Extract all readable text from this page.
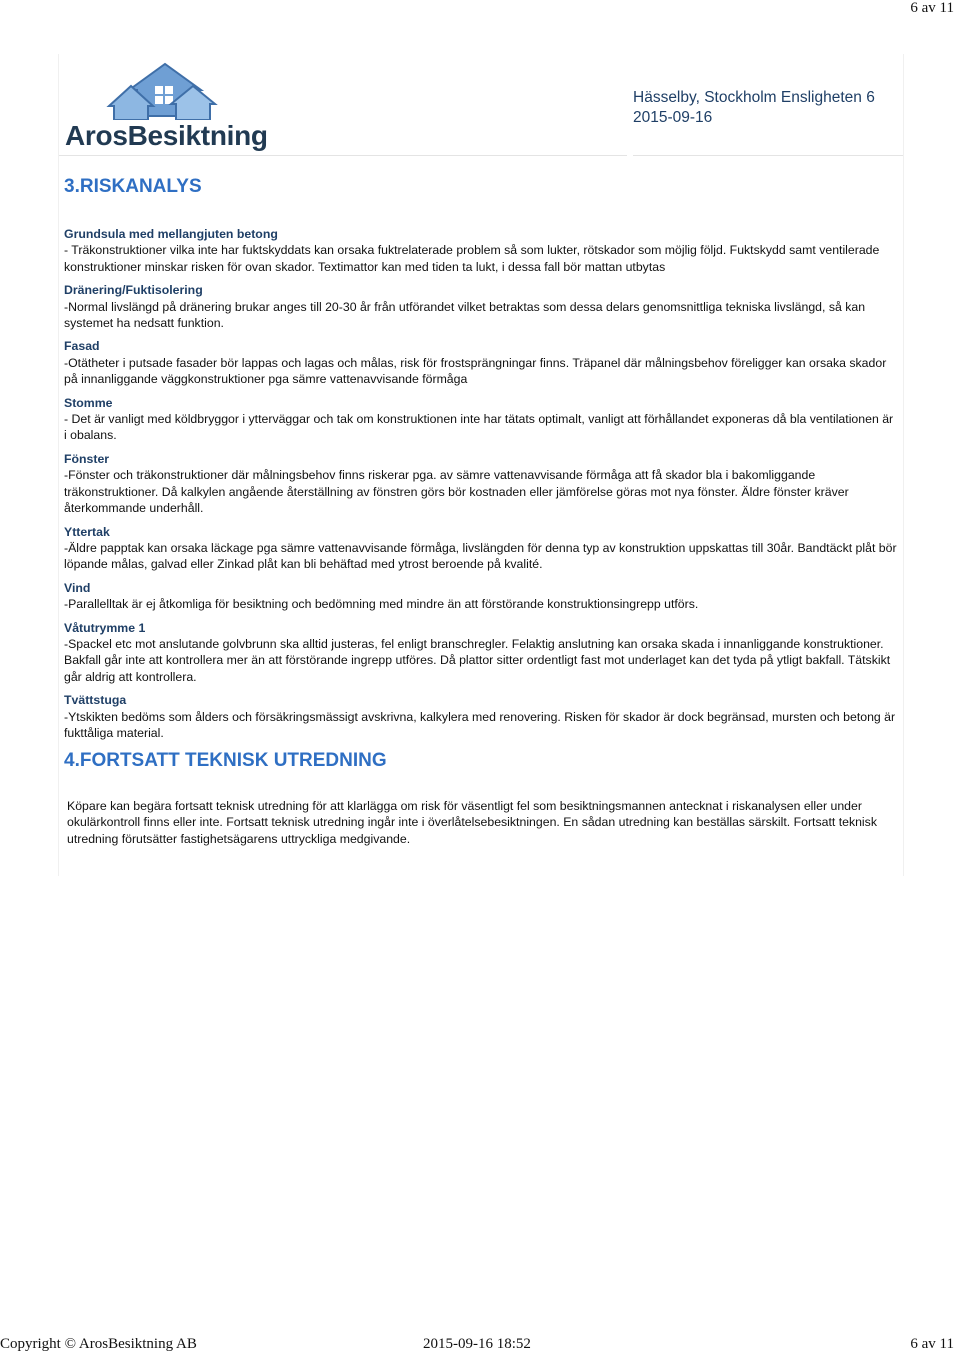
6 av 11
ArosBesiktning
Hässelby, Stockholm Ensligheten 6
2015-09-16
3.RISKANALYS

Grundsula med mellangjuten betong

- Träkonstruktioner vilka inte har fuktskyddats kan orsaka fuktrelaterade problem så som lukter, rötskador som möjlig följd. Fuktskydd samt ventilerade konstruktioner minskar risken för ovan skador. Textimattor kan med tiden ta lukt, i dessa fall bör mattan utbytas

Dränering/Fuktisolering

-Normal livslängd på dränering brukar anges till 20-30 år från utförandet vilket betraktas som dessa delars genomsnittliga tekniska livslängd, så kan systemet ha nedsatt funktion.

Fasad

-Otätheter i putsade fasader bör lappas och lagas och målas, risk för frostsprängningar finns. Träpanel där målningsbehov föreligger kan orsaka skador på innanliggande väggkonstruktioner pga sämre vattenavvisande förmåga

Stomme

- Det är vanligt med köldbryggor i ytterväggar och tak om konstruktionen inte har tätats optimalt, vanligt att förhållandet exponeras då bla ventilationen är i obalans.

Fönster

-Fönster och träkonstruktioner där målningsbehov finns riskerar pga. av sämre vattenavvisande förmåga att få skador bla i bakomliggande träkonstruktioner. Då kalkylen angående återställning av fönstren görs bör kostnaden eller jämförelse göras mot nya fönster. Äldre fönster kräver återkommande underhåll.

Yttertak

-Äldre papptak kan orsaka läckage pga sämre vattenavvisande förmåga, livslängden för denna typ av konstruktion uppskattas till 30år. Bandtäckt plåt bör löpande målas, galvad eller Zinkad plåt kan bli behäftad med ytrost beroende på kvalité.

Vind

-Parallelltak är ej åtkomliga för besiktning och bedömning med mindre än att förstörande konstruktionsingrepp utförs.

Våtutrymme 1

-Spackel etc mot anslutande golvbrunn ska alltid justeras, fel enligt branschregler. Felaktig anslutning kan orsaka skada i innanliggande konstruktioner. Bakfall går inte att kontrollera mer än att förstörande ingrepp utföres. Då plattor sitter ordentligt fast mot underlaget kan det tyda på ytligt bakfall. Tätskikt går aldrig att kontrollera.

Tvättstuga

-Ytskikten bedöms som ålders och försäkringsmässigt avskrivna, kalkylera med renovering. Risken för skador är dock begränsad, mursten och betong är fukttåliga material.

4.FORTSATT TEKNISK UTREDNING

Köpare kan begära fortsatt teknisk utredning för att klarlägga om risk för väsentligt fel som besiktningsmannen antecknat i riskanalysen eller under okulärkontroll finns eller inte. Fortsatt teknisk utredning ingår inte i överlåtelsebesiktningen. En sådan utredning kan beställas särskilt. Fortsatt teknisk utredning förutsätter fastighetsägarens uttryckliga medgivande.

Copyright © ArosBesiktning AB	2015-09-16 18:52	6 av 11
